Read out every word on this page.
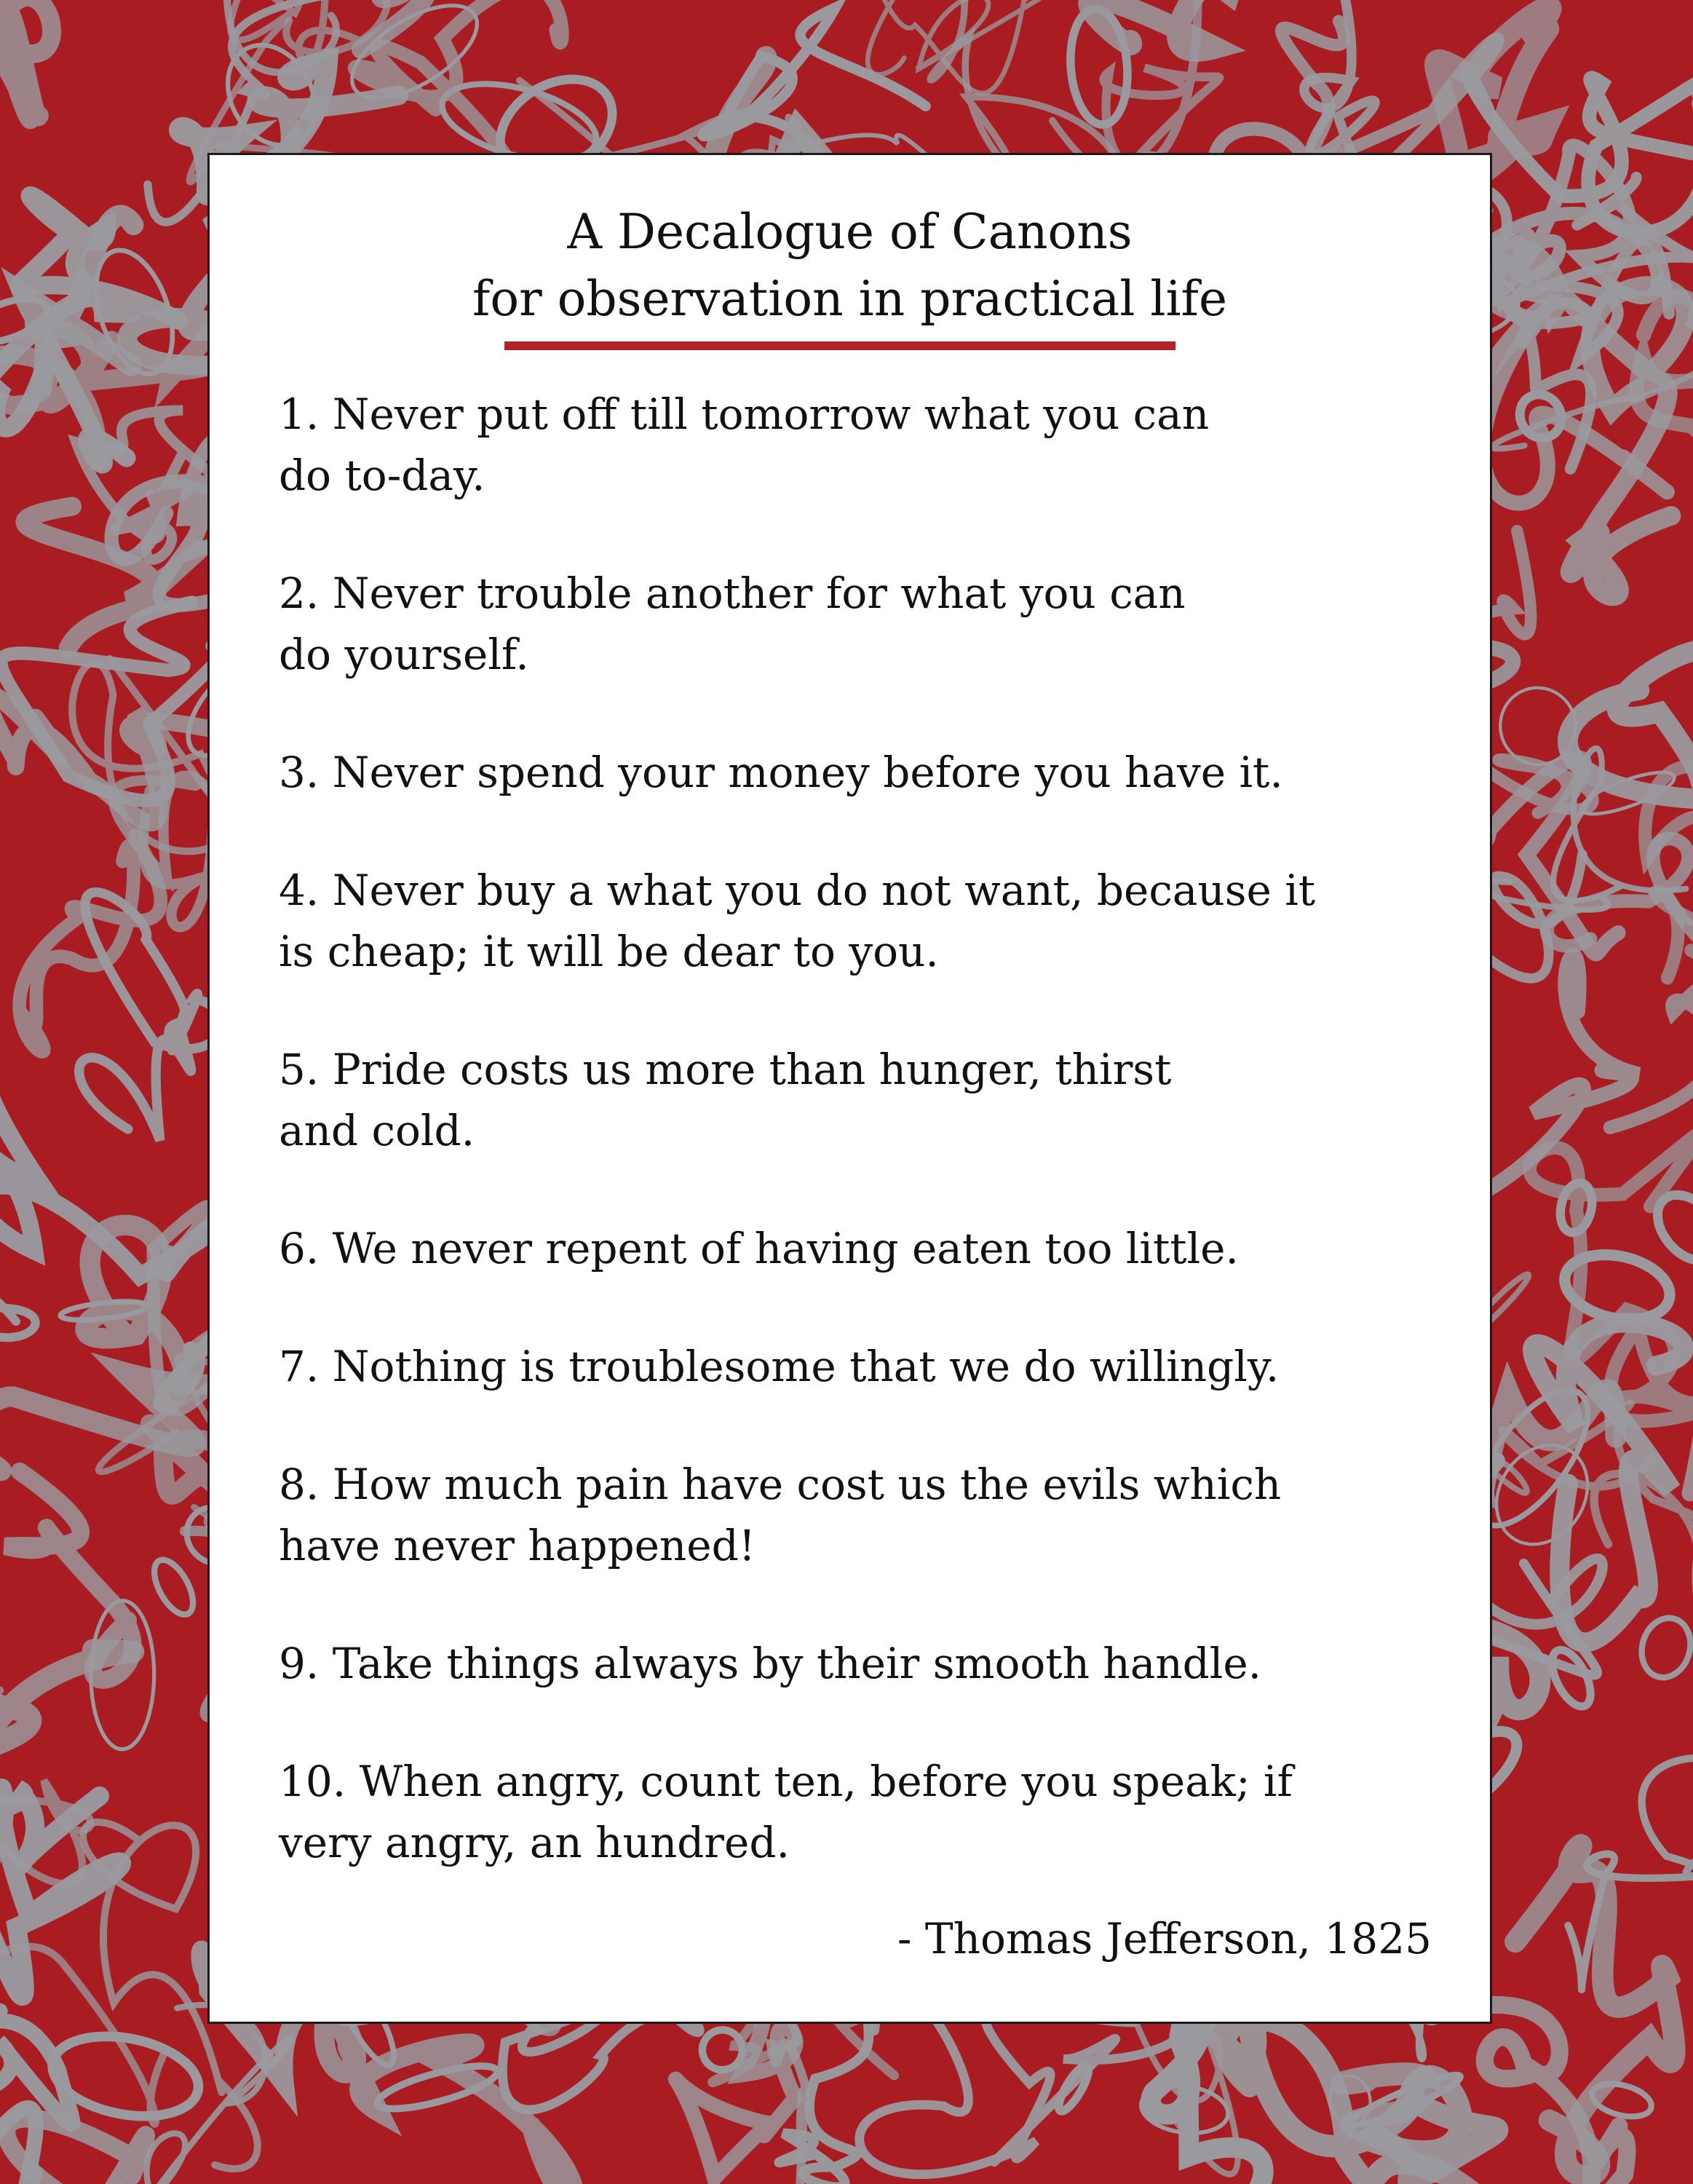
A Decalogue of Canons
for observation in practical life
1. Never put off till tomorrow what you can
do to-day.
2. Never trouble another for what you can
do yourself.
3. Never spend your money before you have it.
4. Never buy a what you do not want, because it
is cheap; it will be dear to you.
5. Pride costs us more than hunger, thirst
and cold.
6. We never repent of having eaten too little.
7. Nothing is troublesome that we do willingly.
8. How much pain have cost us the evils which
have never happened!
9. Take things always by their smooth handle.
10. When angry, count ten, before you speak; if
very angry, an hundred.
- Thomas Jefferson, 1825
